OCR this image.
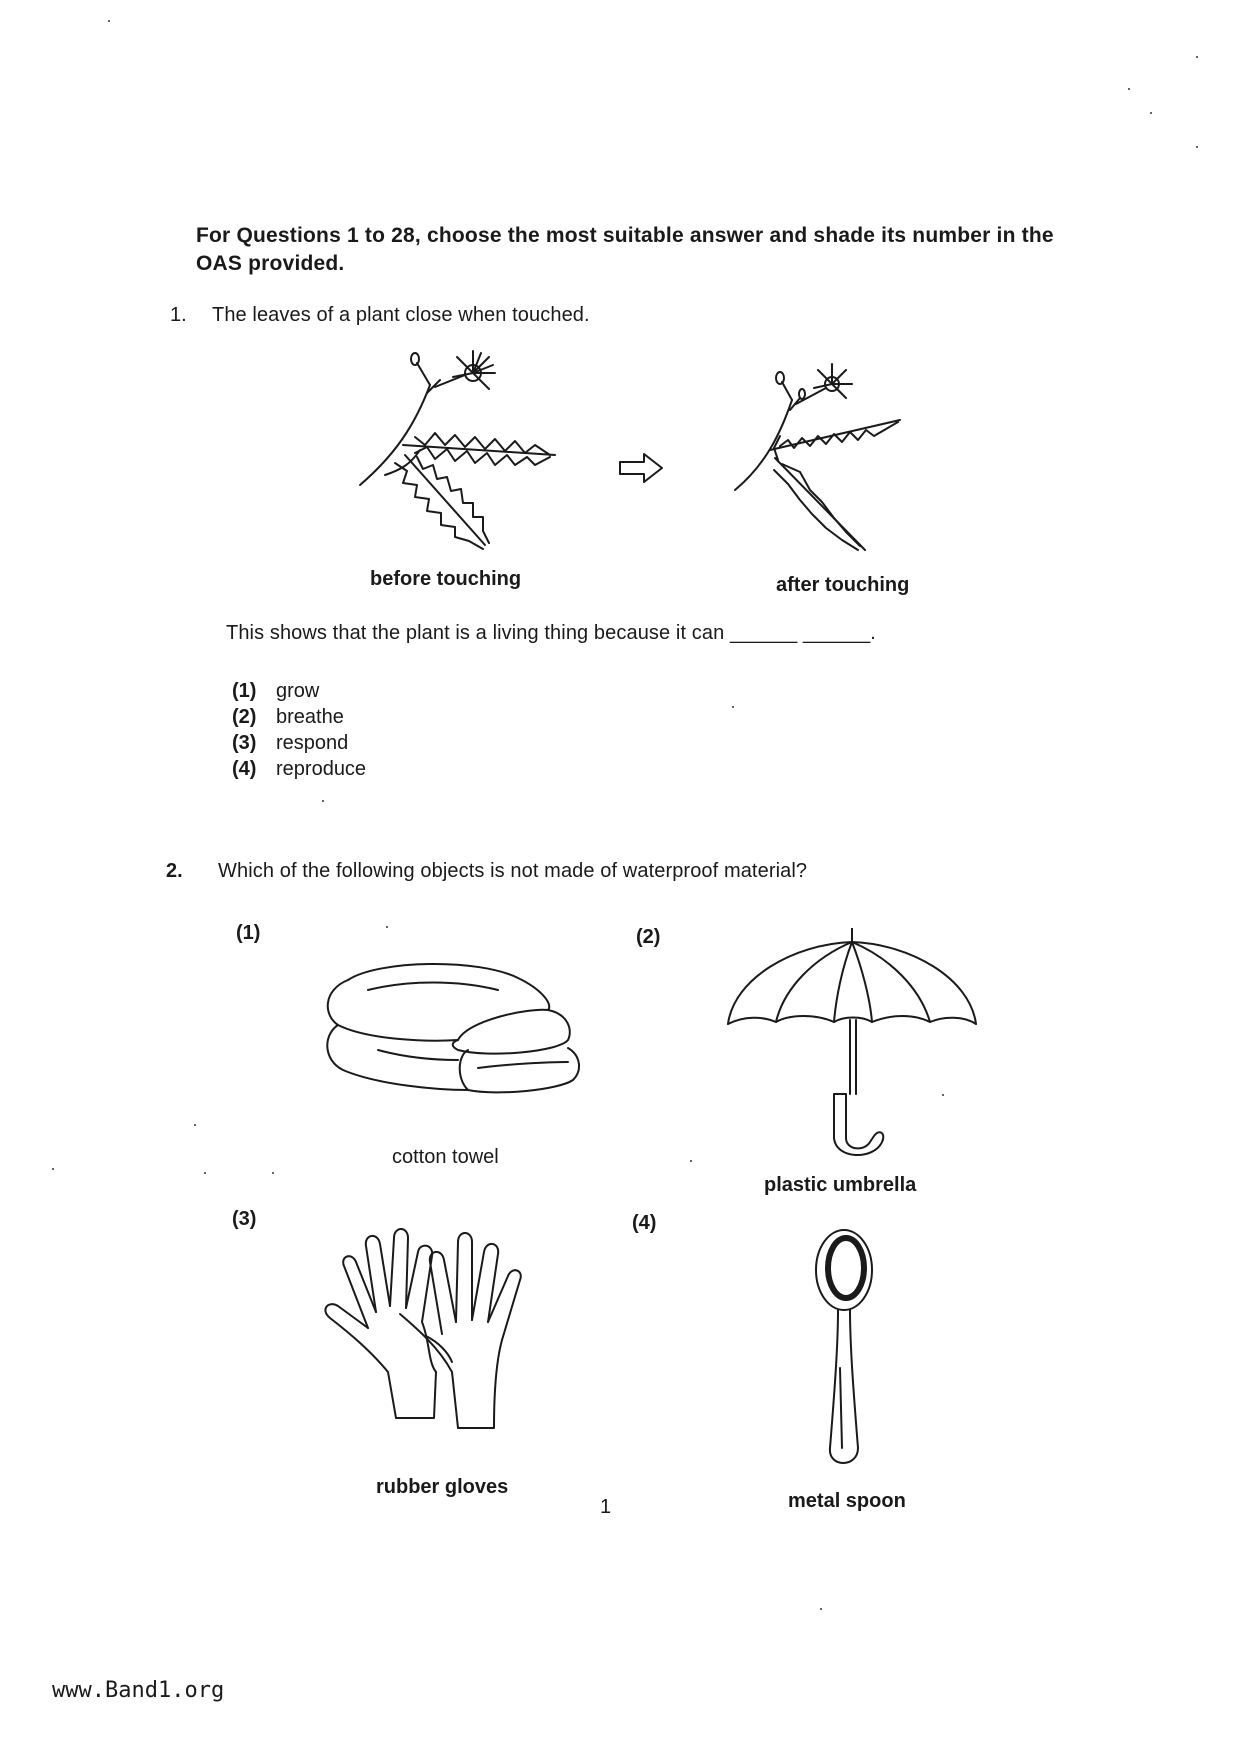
For Questions 1 to 28, choose the most suitable answer and shade its number in the OAS provided.
1. The leaves of a plant close when touched.
before touching	after touching
This shows that the plant is a living thing because it can ______ ______.
(1) grow
(2) breathe
(3) respond
(4) reproduce
2. Which of the following objects is not made of waterproof material?
(1)
cotton towel
(2)
plastic umbrella
(3)
rubber gloves
(4)
metal spoon
1
www.Band1.org
